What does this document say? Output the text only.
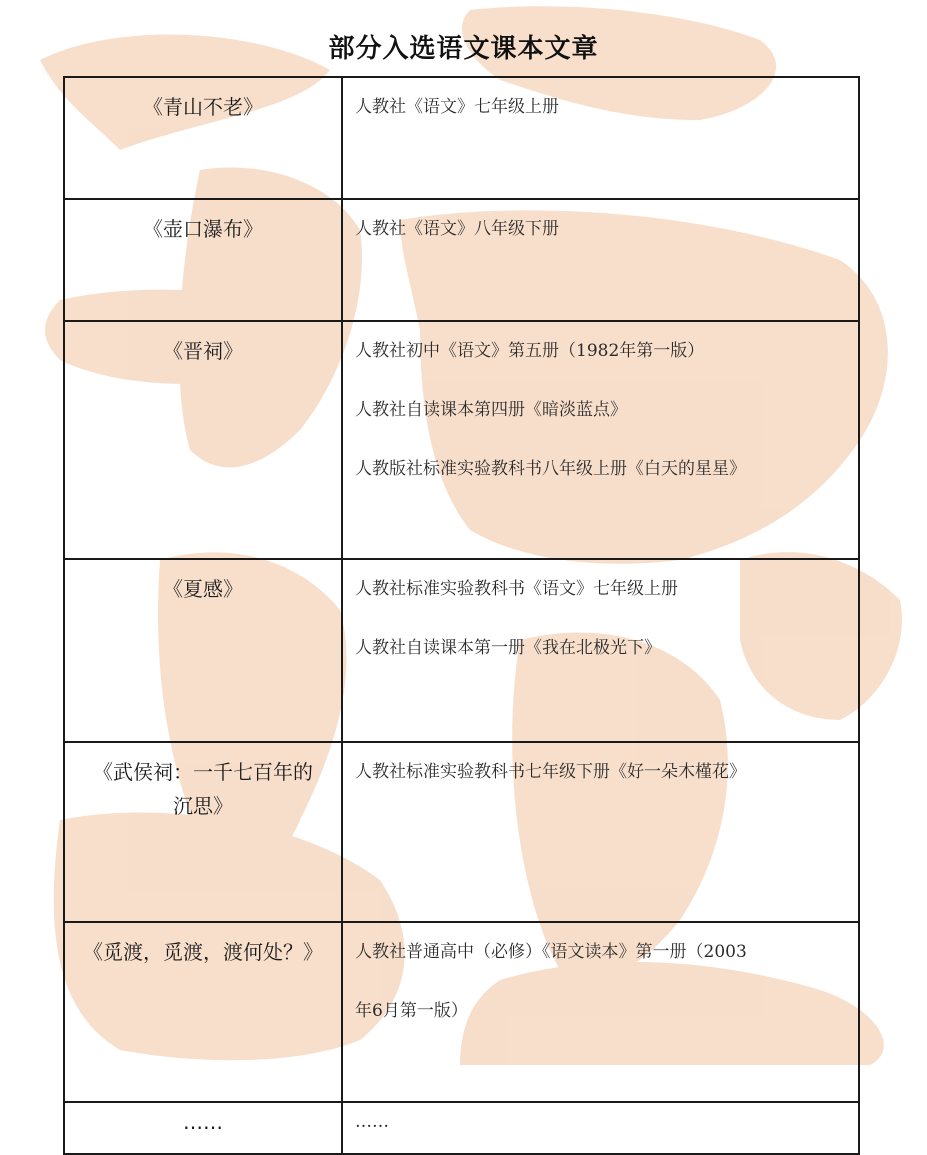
部分入选语文课本文章
《青山不老》	人教社《语文》七年级上册

《壶口瀑布》	人教社《语文》八年级下册

《晋祠》	人教社初中《语文》第五册（1982年第一版）
人教社自读课本第四册《暗淡蓝点》
人教版社标准实验教科书八年级上册《白天的星星》

《夏感》	人教社标准实验教科书《语文》七年级上册
人教社自读课本第一册《我在北极光下》

《武侯祠：一千七百年的
沉思》	人教社标准实验教科书七年级下册《好一朵木槿花》

《觅渡，觅渡，渡何处？》	人教社普通高中（必修）《语文读本》第一册（2003
年6月第一版）

……	……
